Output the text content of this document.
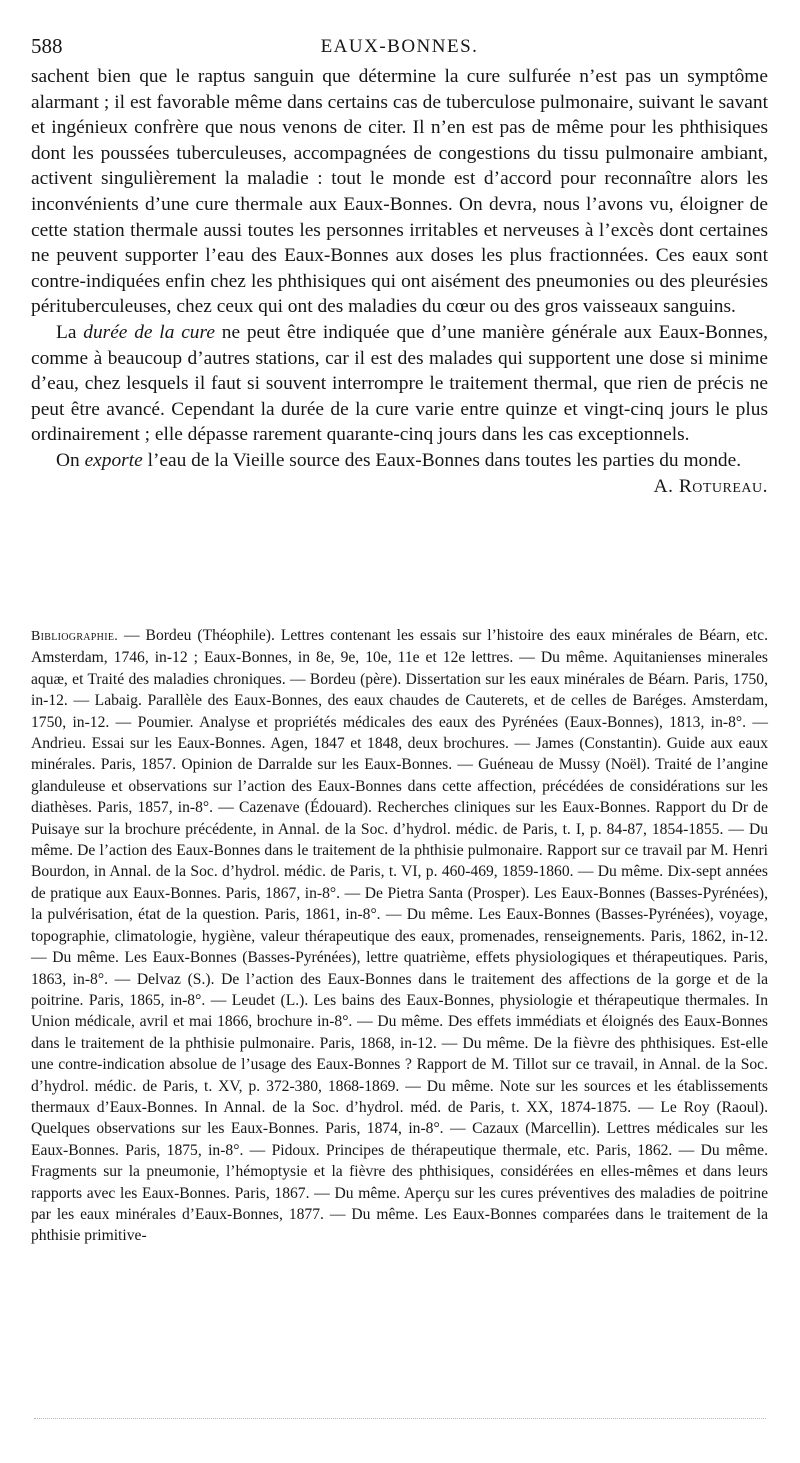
588	EAUX-BONNES.

sachent bien que le raptus sanguin que détermine la cure sulfurée n’est pas un symptôme alarmant ; il est favorable même dans certains cas de tuberculose pulmonaire, suivant le savant et ingénieux confrère que nous venons de citer. Il n’en est pas de même pour les phthisiques dont les poussées tuberculeuses, accompagnées de congestions du tissu pulmonaire ambiant, activent singulièrement la maladie : tout le monde est d’accord pour reconnaître alors les inconvénients d’une cure thermale aux Eaux-Bonnes. On devra, nous l’avons vu, éloigner de cette station thermale aussi toutes les personnes irritables et nerveuses à l’excès dont certaines ne peuvent supporter l’eau des Eaux-Bonnes aux doses les plus fractionnées. Ces eaux sont contre-indiquées enfin chez les phthisiques qui ont aisément des pneumonies ou des pleurésies pérituberculeuses, chez ceux qui ont des maladies du cœur ou des gros vaisseaux sanguins.

La durée de la cure ne peut être indiquée que d’une manière générale aux Eaux-Bonnes, comme à beaucoup d’autres stations, car il est des malades qui supportent une dose si minime d’eau, chez lesquels il faut si souvent interrompre le traitement thermal, que rien de précis ne peut être avancé. Cependant la durée de la cure varie entre quinze et vingt-cinq jours le plus ordinairement ; elle dépasse rarement quarante-cinq jours dans les cas exceptionnels.

On exporte l’eau de la Vieille source des Eaux-Bonnes dans toutes les parties du monde.
A. Rotureau.

Bibliographie. — Bordeu (Théophile). Lettres contenant les essais sur l’histoire des eaux minérales de Béarn, etc. Amsterdam, 1746, in-12 ; Eaux-Bonnes, in 8e, 9e, 10e, 11e et 12e lettres. — Du même. Aquitanienses minerales aquæ, et Traité des maladies chroniques. — Bordeu (père). Dissertation sur les eaux minérales de Béarn. Paris, 1750, in-12. — Labaig. Parallèle des Eaux-Bonnes, des eaux chaudes de Cauterets, et de celles de Baréges. Amsterdam, 1750, in-12. — Poumier. Analyse et propriétés médicales des eaux des Pyrénées (Eaux-Bonnes), 1813, in-8°. — Andrieu. Essai sur les Eaux-Bonnes. Agen, 1847 et 1848, deux brochures. — James (Constantin). Guide aux eaux minérales. Paris, 1857. Opinion de Darralde sur les Eaux-Bonnes. — Guéneau de Mussy (Noël). Traité de l’angine glanduleuse et observations sur l’action des Eaux-Bonnes dans cette affection, précédées de considérations sur les diathèses. Paris, 1857, in-8°. — Cazenave (Édouard). Recherches cliniques sur les Eaux-Bonnes. Rapport du Dr de Puisaye sur la brochure précédente, in Annal. de la Soc. d’hydrol. médic. de Paris, t. I, p. 84-87, 1854-1855. — Du même. De l’action des Eaux-Bonnes dans le traitement de la phthisie pulmonaire. Rapport sur ce travail par M. Henri Bourdon, in Annal. de la Soc. d’hydrol. médic. de Paris, t. VI, p. 460-469, 1859-1860. — Du même. Dix-sept années de pratique aux Eaux-Bonnes. Paris, 1867, in-8°. — De Pietra Santa (Prosper). Les Eaux-Bonnes (Basses-Pyrénées), la pulvérisation, état de la question. Paris, 1861, in-8°. — Du même. Les Eaux-Bonnes (Basses-Pyrénées), voyage, topographie, climatologie, hygiène, valeur thérapeutique des eaux, promenades, renseignements. Paris, 1862, in-12. — Du même. Les Eaux-Bonnes (Basses-Pyrénées), lettre quatrième, effets physiologiques et thérapeutiques. Paris, 1863, in-8°. — Delvaz (S.). De l’action des Eaux-Bonnes dans le traitement des affections de la gorge et de la poitrine. Paris, 1865, in-8°. — Leudet (L.). Les bains des Eaux-Bonnes, physiologie et thérapeutique thermales. In Union médicale, avril et mai 1866, brochure in-8°. — Du même. Des effets immédiats et éloignés des Eaux-Bonnes dans le traitement de la phthisie pulmonaire. Paris, 1868, in-12. — Du même. De la fièvre des phthisiques. Est-elle une contre-indication absolue de l’usage des Eaux-Bonnes ? Rapport de M. Tillot sur ce travail, in Annal. de la Soc. d’hydrol. médic. de Paris, t. XV, p. 372-380, 1868-1869. — Du même. Note sur les sources et les établissements thermaux d’Eaux-Bonnes. In Annal. de la Soc. d’hydrol. méd. de Paris, t. XX, 1874-1875. — Le Roy (Raoul). Quelques observations sur les Eaux-Bonnes. Paris, 1874, in-8°. — Cazaux (Marcellin). Lettres médicales sur les Eaux-Bonnes. Paris, 1875, in-8°. — Pidoux. Principes de thérapeutique thermale, etc. Paris, 1862. — Du même. Fragments sur la pneumonie, l’hémoptysie et la fièvre des phthisiques, considérées en elles-mêmes et dans leurs rapports avec les Eaux-Bonnes. Paris, 1867. — Du même. Aperçu sur les cures préventives des maladies de poitrine par les eaux minérales d’Eaux-Bonnes, 1877. — Du même. Les Eaux-Bonnes comparées dans le traitement de la phthisie primitive-
